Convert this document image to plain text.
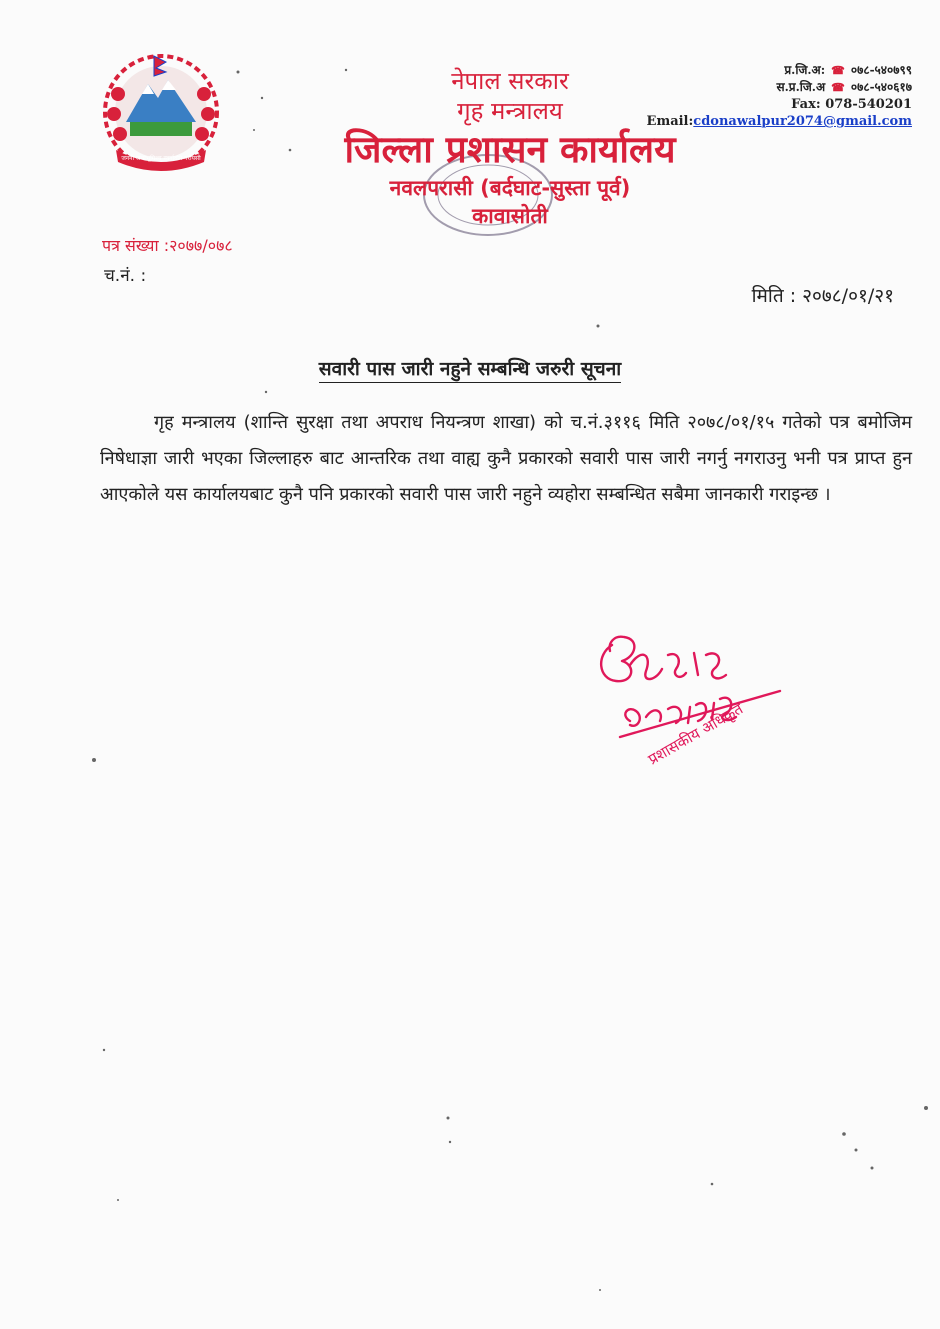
जननी जन्मभूमिश्च स्वर्गादपि गरीयसी
नेपाल सरकार
गृह मन्त्रालय
जिल्ला प्रशासन कार्यालय
नवलपरासी (बर्दघाट-सुस्ता पूर्व)
कावासोती
प्र.जि.अ: ☎ ०७८-५४०७९९
स.प्र.जि.अ ☎ ०७८-५४०६१७
Fax: 078-540201
Email:cdonawalpur2074@gmail.com
पत्र संख्या :२०७७/०७८
च.नं. :
मिति : २०७८/०१/२१
सवारी पास जारी नहुने सम्बन्धि जरुरी सूचना

गृह मन्त्रालय (शान्ति सुरक्षा तथा अपराध नियन्त्रण शाखा) को च.नं.३११६ मिति २०७८/०१/१५ गतेको पत्र बमोजिम निषेधाज्ञा जारी भएका जिल्लाहरु बाट आन्तरिक तथा वाह्य कुनै प्रकारको सवारी पास जारी नगर्नु नगराउनु भनी पत्र प्राप्त हुन आएकोले यस कार्यालयबाट कुनै पनि प्रकारको सवारी पास जारी नहुने व्यहोरा सम्बन्धित सबैमा जानकारी गराइन्छ ।

प्रशासकीय अधिकृत
